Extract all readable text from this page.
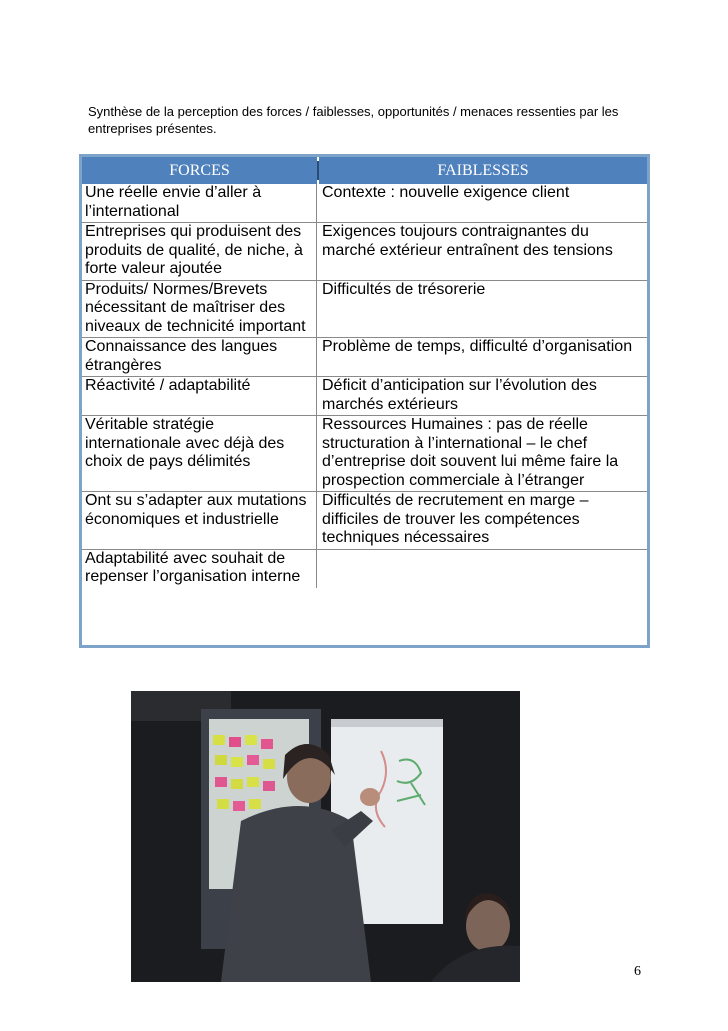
Synthèse de la perception des forces / faiblesses, opportunités / menaces ressenties par les entreprises présentes.
FORCES	FAIBLESSES
Une réelle envie d’aller à l’international
Contexte : nouvelle exigence client
Entreprises qui produisent des produits de qualité, de niche, à forte valeur ajoutée
Exigences toujours contraignantes du marché extérieur entraînent des tensions
Produits/ Normes/Brevets nécessitant de maîtriser des niveaux de technicité important
Difficultés de trésorerie
Connaissance des langues étrangères
Problème de temps, difficulté d’organisation
Réactivité / adaptabilité	Déficit d’anticipation sur l’évolution des marchés extérieurs
Véritable stratégie internationale avec déjà des choix de pays délimités
Ressources Humaines : pas de réelle structuration à l’international – le chef d’entreprise doit souvent lui même faire la prospection commerciale à l’étranger
Ont su s’adapter aux mutations économiques et industrielle
Difficultés de recrutement en marge – difficiles de trouver les compétences techniques nécessaires
Adaptabilité avec souhait de repenser l’organisation interne
6
